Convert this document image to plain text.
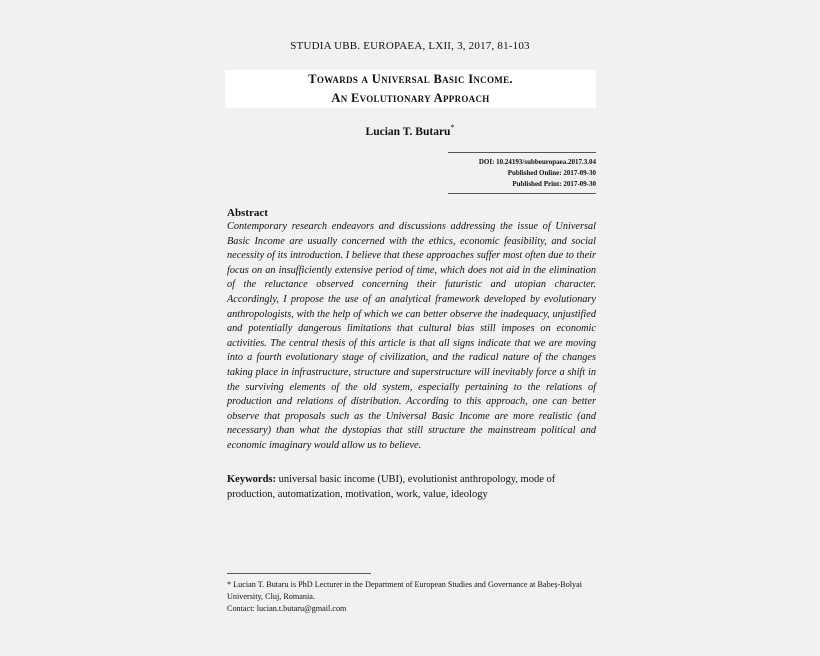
STUDIA UBB. EUROPAEA, LXII, 3, 2017, 81-103
Towards a Universal Basic Income.
An Evolutionary Approach
Lucian T. Butaru*
DOI: 10.24193/subbeuropaea.2017.3.04
Published Online: 2017-09-30
Published Print: 2017-09-30
Abstract
Contemporary research endeavors and discussions addressing the issue of Universal Basic Income are usually concerned with the ethics, economic feasibility, and social necessity of its introduction. I believe that these approaches suffer most often due to their focus on an insufficiently extensive period of time, which does not aid in the elimination of the reluctance observed concerning their futuristic and utopian character. Accordingly, I propose the use of an analytical framework developed by evolutionary anthropologists, with the help of which we can better observe the inadequacy, unjustified and potentially dangerous limitations that cultural bias still imposes on economic activities. The central thesis of this article is that all signs indicate that we are moving into a fourth evolutionary stage of civilization, and the radical nature of the changes taking place in infrastructure, structure and superstructure will inevitably force a shift in the surviving elements of the old system, especially pertaining to the relations of production and relations of distribution. According to this approach, one can better observe that proposals such as the Universal Basic Income are more realistic (and necessary) than what the dystopias that still structure the mainstream political and economic imaginary would allow us to believe.
Keywords: universal basic income (UBI), evolutionist anthropology, mode of production, automatization, motivation, work, value, ideology
* Lucian T. Butaru is PhD Lecturer in the Department of European Studies and Governance at Babeș-Bolyai University, Cluj, Romania.
Contact: lucian.t.butaru@gmail.com
